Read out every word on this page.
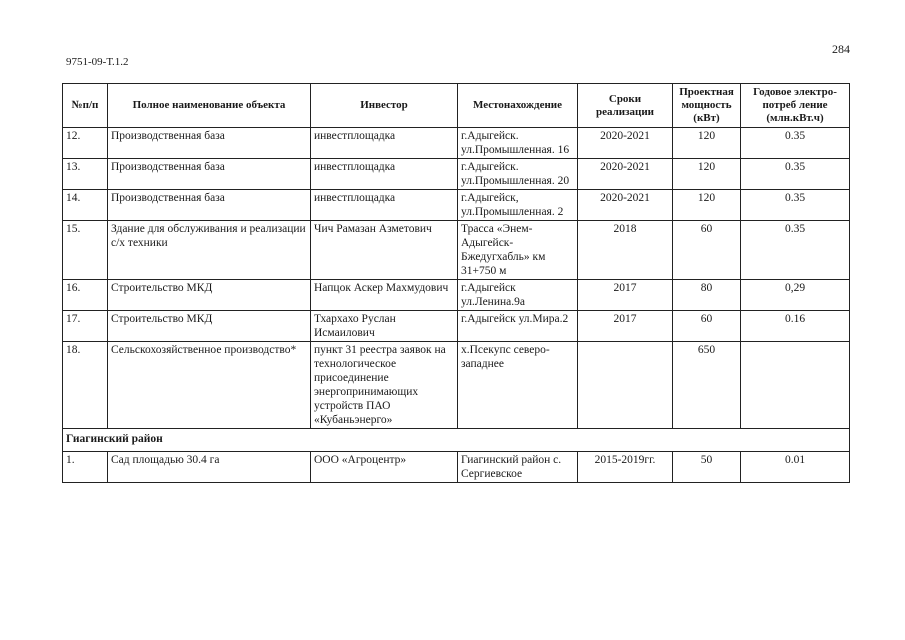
9751-09-Т.1.2
284
№п/п	Полное наименование объекта	Инвестор	Местонахождение	Сроки реализации	Проектная мощность (кВт)	Годовое электро-потреб ление (млн.кВт.ч)
12.	Производственная база	инвестплощадка	г.Адыгейск. ул.Промышленная. 16	2020-2021	120	0.35
13.	Производственная база	инвестплощадка	г.Адыгейск. ул.Промышленная. 20	2020-2021	120	0.35
14.	Производственная база	инвестплощадка	г.Адыгейск, ул.Промышленная. 2	2020-2021	120	0.35
15.	Здание для обслуживания и реализации с/х техники	Чич Рамазан Азметович	Трасса «Энем-Адыгейск-Бжедугхабль» км 31+750 м	2018	60	0.35
16.	Строительство МКД	Напцок Аскер Махмудович	г.Адыгейск ул.Ленина.9а	2017	80	0,29
17.	Строительство МКД	Тхархахо Руслан Исмаилович	г.Адыгейск ул.Мира.2	2017	60	0.16
18.	Сельскохозяйственное производство*	пункт 31 реестра заявок на технологическое присоединение энергопринимающих устройств ПАО «Кубаньэнерго»	х.Псекупс северо-западнее		650	
Гиагинский район						
1.	Сад площадью 30.4 га	ООО «Агроцентр»	Гиагинский район с. Сергиевское	2015-2019гг.	50	0.01
